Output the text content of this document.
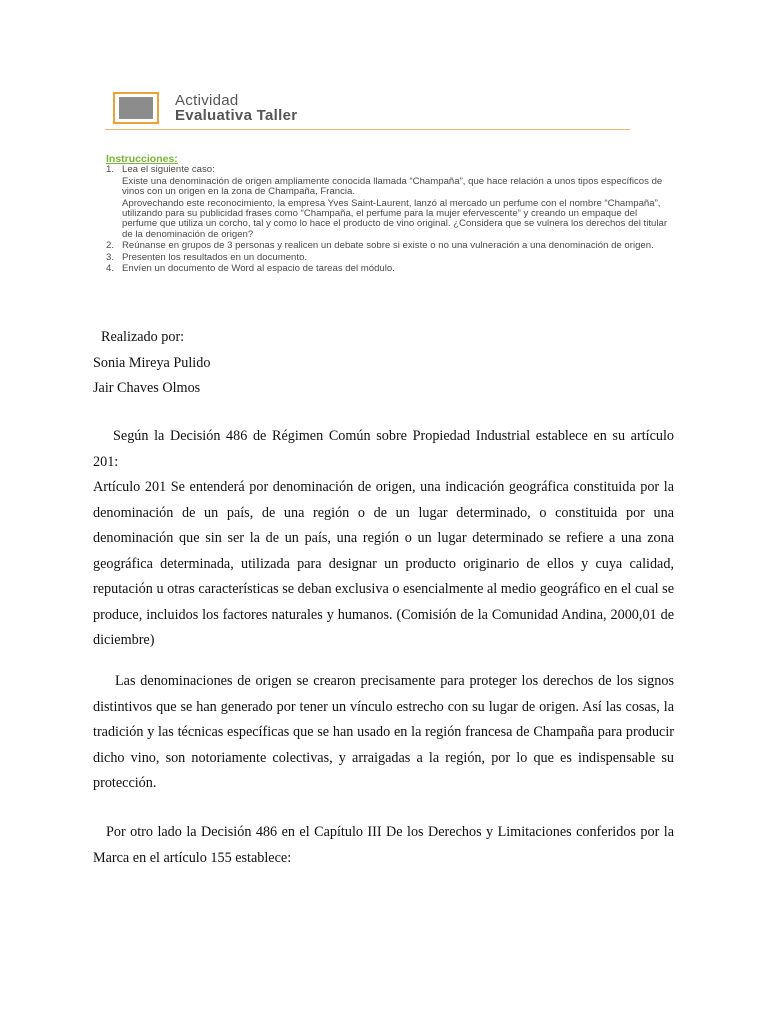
Actividad
Evaluativa Taller
Instrucciones:

1. Lea el siguiente caso:

Existe una denominación de origen ampliamente conocida llamada “Champaña”, que hace relación a unos tipos específicos de vinos con un origen en la zona de Champaña, Francia.

Aprovechando este reconocimiento, la empresa Yves Saint-Laurent, lanzó al mercado un perfume con el nombre “Champaña”, utilizando para su publicidad frases como “Champaña, el perfume para la mujer efervescente” y creando un empaque del perfume que utiliza un corcho, tal y como lo hace el producto de vino original. ¿Considera que se vulnera los derechos del titular de la denominación de origen?

2. Reúnanse en grupos de 3 personas y realicen un debate sobre si existe o no una vulneración a una denominación de origen.

3. Presenten los resultados en un documento.

4. Envíen un documento de Word al espacio de tareas del módulo.

Realizado por:
Sonia Mireya Pulido
Jair Chaves Olmos

Según la Decisión 486 de Régimen Común sobre Propiedad Industrial establece en su artículo 201:

Artículo 201 Se entenderá por denominación de origen, una indicación geográfica constituida por la denominación de un país, de una región o de un lugar determinado, o constituida por una denominación que sin ser la de un país, una región o un lugar determinado se refiere a una zona geográfica determinada, utilizada para designar un producto originario de ellos y cuya calidad, reputación u otras características se deban exclusiva o esencialmente al medio geográfico en el cual se produce, incluidos los factores naturales y humanos. (Comisión de la Comunidad Andina, 2000,01 de diciembre)

Las denominaciones de origen se crearon precisamente para proteger los derechos de los signos distintivos que se han generado por tener un vínculo estrecho con su lugar de origen. Así las cosas, la tradición y las técnicas específicas que se han usado en la región francesa de Champaña para producir dicho vino, son notoriamente colectivas, y arraigadas a la región, por lo que es indispensable su protección.

Por otro lado la Decisión 486 en el Capítulo III De los Derechos y Limitaciones conferidos por la Marca en el artículo 155 establece:
